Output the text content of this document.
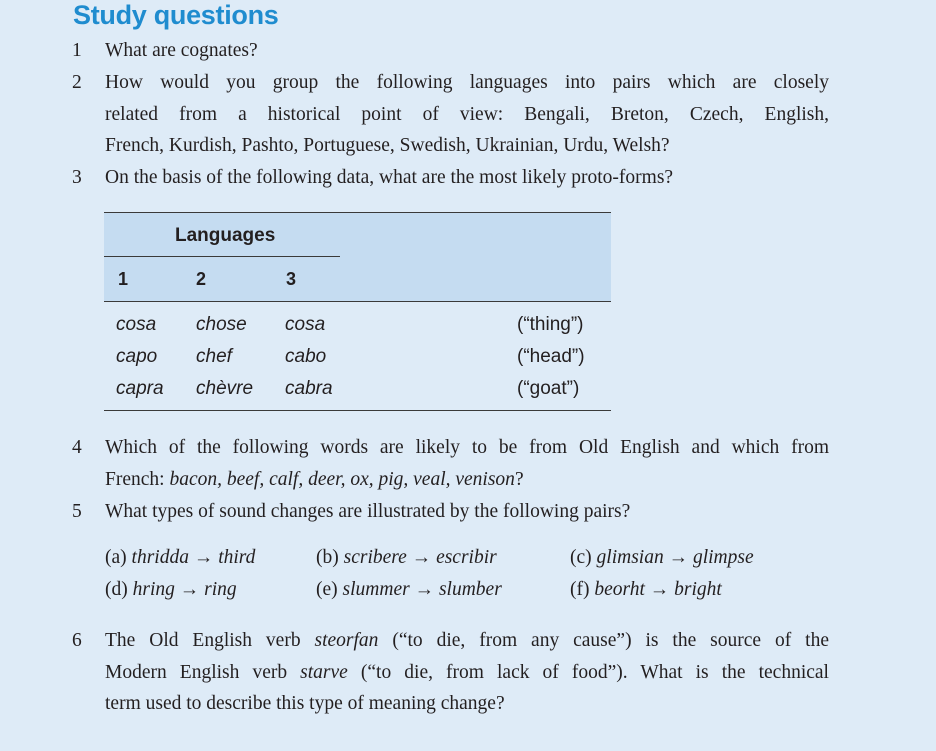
Study questions
1	What are cognates?
2	How would you group the following languages into pairs which are closely
related from a historical point of view: Bengali, Breton, Czech, English,
French, Kurdish, Pashto, Portuguese, Swedish, Ukrainian, Urdu, Welsh?
3	On the basis of the following data, what are the most likely proto-forms?
Languages
1	2	3
cosa chose cosa	(“thing”)
capo chef	cabo	(“head”)
capra chèvre cabra	(“goat”)
4	Which of the following words are likely to be from Old English and which from
French: bacon, beef, calf, deer, ox, pig, veal, venison?
5	What types of sound changes are illustrated by the following pairs?
(a) thridda → third	(b) scribere → escribir	(c) glimsian → glimpse
(d) hring → ring	(e) slummer → slumber	(f) beorht → bright
6	The Old English verb steorfan (“to die, from any cause”) is the source of the
Modern English verb starve (“to die, from lack of food”). What is the technical
term used to describe this type of meaning change?
